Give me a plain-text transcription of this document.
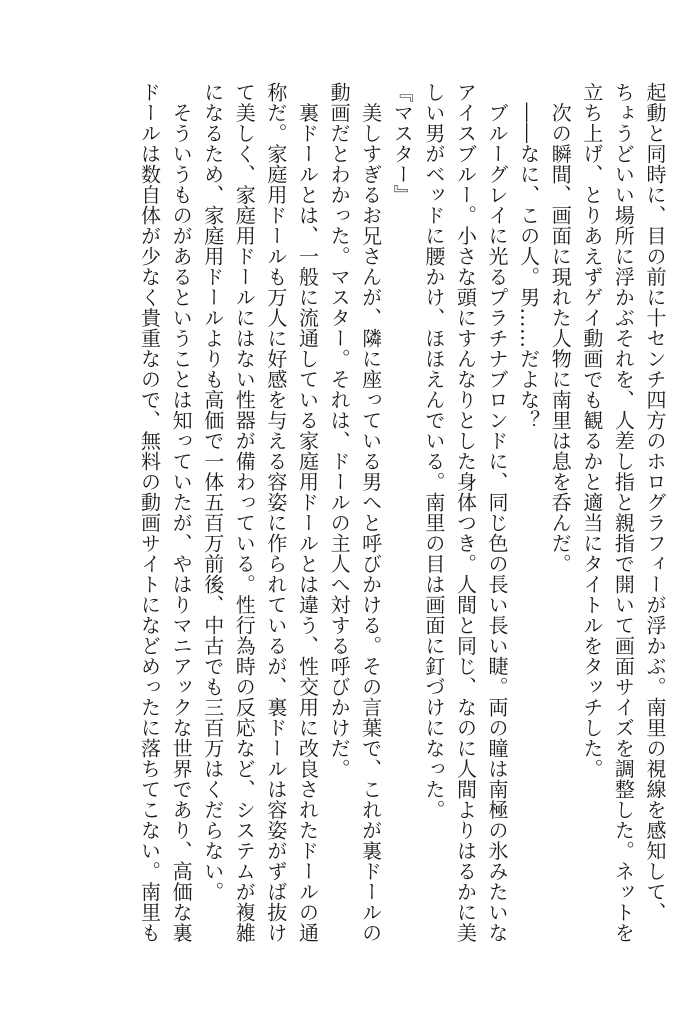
起動と同時に、目の前に十センチ四方のホログラフィーが浮かぶ。南里の視線を感知して、
ちょうどいい場所に浮かぶそれを、人差し指と親指で開いて画面サイズを調整した。ネットを
立ち上げ、とりあえずゲイ動画でも観るかと適当にタイトルをタッチした。
　次の瞬間、画面に現れた人物に南里は息を呑んだ。
　――なに、この人。男……だよな？
　ブルーグレイに光るプラチナブロンドに、同じ色の長い長い睫。両の瞳は南極の氷みたいな
アイスブルー。小さな頭にすんなりとした身体つき。人間と同じ、なのに人間よりはるかに美
しい男がベッドに腰かけ、ほほえんでいる。南里の目は画面に釘づけになった。
『マスター』
　美しすぎるお兄さんが、隣に座っている男へと呼びかける。その言葉で、これが裏ドールの
動画だとわかった。マスター。それは、ドールの主人へ対する呼びかけだ。
　裏ドールとは、一般に流通している家庭用ドールとは違う、性交用に改良されたドールの通
称だ。家庭用ドールも万人に好感を与える容姿に作られているが、裏ドールは容姿がずば抜け
て美しく、家庭用ドールにはない性器が備わっている。性行為時の反応など、システムが複雑
になるため、家庭用ドールよりも高価で一体五百万前後、中古でも三百万はくだらない。
　そういうものがあるということは知っていたが、やはりマニアックな世界であり、高価な裏
ドールは数自体が少なく貴重なので、無料の動画サイトになどめったに落ちてこない。南里も
